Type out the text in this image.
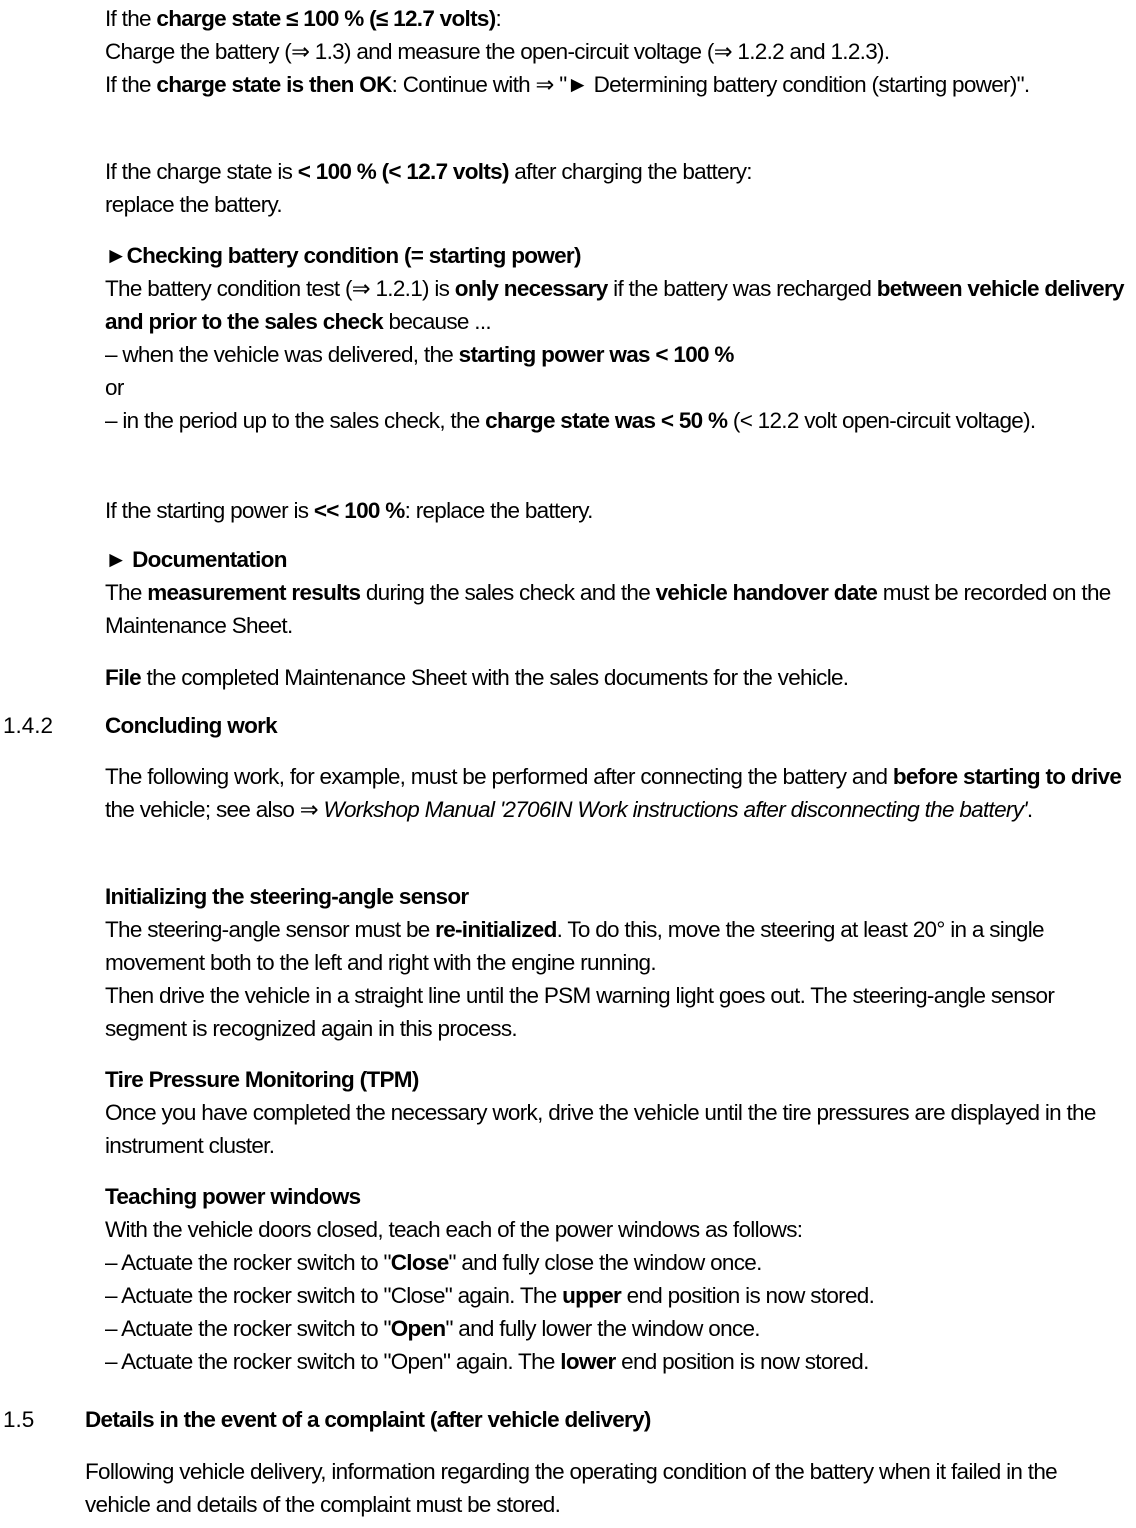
If the charge state ≤ 100 % (≤ 12.7 volts):
Charge the battery (⇒ 1.3) and measure the open-circuit voltage (⇒ 1.2.2 and 1.2.3).
If the charge state is then OK: Continue with ⇒ "► Determining battery condition (starting power)".
If the charge state is < 100 % (< 12.7 volts) after charging the battery:
replace the battery.
►Checking battery condition (= starting power)
The battery condition test (⇒ 1.2.1) is only necessary if the battery was recharged between vehicle delivery and prior to the sales check because ...
– when the vehicle was delivered, the starting power was < 100 %
or
– in the period up to the sales check, the charge state was < 50 % (< 12.2 volt open-circuit voltage).
If the starting power is << 100 %: replace the battery.
► Documentation
The measurement results during the sales check and the vehicle handover date must be recorded on the Maintenance Sheet.
File the completed Maintenance Sheet with the sales documents for the vehicle.
1.4.2 Concluding work
The following work, for example, must be performed after connecting the battery and before starting to drive the vehicle; see also ⇒ Workshop Manual '2706IN Work instructions after disconnecting the battery'.
Initializing the steering-angle sensor
The steering-angle sensor must be re-initialized. To do this, move the steering at least 20° in a single movement both to the left and right with the engine running.
Then drive the vehicle in a straight line until the PSM warning light goes out. The steering-angle sensor segment is recognized again in this process.
Tire Pressure Monitoring (TPM)
Once you have completed the necessary work, drive the vehicle until the tire pressures are displayed in the instrument cluster.
Teaching power windows
With the vehicle doors closed, teach each of the power windows as follows:
– Actuate the rocker switch to "Close" and fully close the window once.
– Actuate the rocker switch to "Close" again. The upper end position is now stored.
– Actuate the rocker switch to "Open" and fully lower the window once.
– Actuate the rocker switch to "Open" again. The lower end position is now stored.
1.5 Details in the event of a complaint (after vehicle delivery)
Following vehicle delivery, information regarding the operating condition of the battery when it failed in the vehicle and details of the complaint must be stored.
